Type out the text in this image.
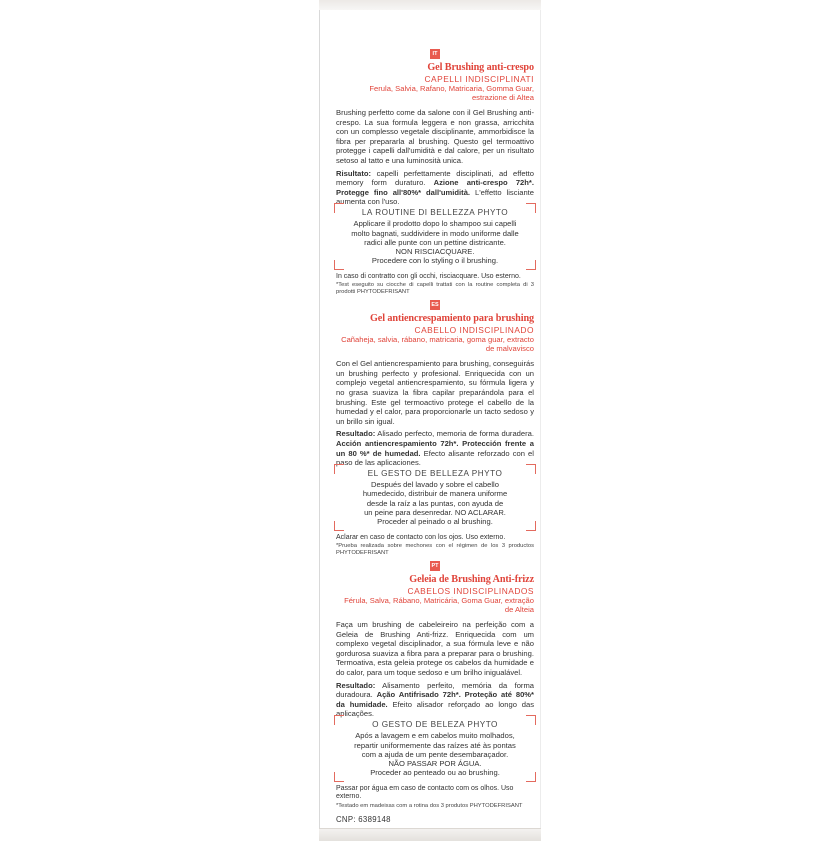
IT
Gel Brushing anti-crespo
CAPELLI INDISCIPLINATI
Ferula, Salvia, Rafano, Matricaria, Gomma Guar, estrazione di Altea
Brushing perfetto come da salone con il Gel Brushing anti-crespo. La sua formula leggera e non grassa, arricchita con un complesso vegetale disciplinante, ammorbidisce la fibra per prepararla al brushing. Questo gel termoattivo protegge i capelli dall'umidità e dal calore, per un risultato setoso al tatto e una luminosità unica.
Risultato: capelli perfettamente disciplinati, ad effetto memory form duraturo. Azione anti-crespo 72h*. Protegge fino all'80%* dall'umidità. L'effetto lisciante aumenta con l'uso.
LA ROUTINE DI BELLEZZA PHYTO
Applicare il prodotto dopo lo shampoo sui capelli
molto bagnati, suddividere in modo uniforme dalle
radici alle punte con un pettine districante.
NON RISCIACQUARE.
Procedere con lo styling o il brushing.
In caso di contratto con gli occhi, risciacquare. Uso esterno.
*Test eseguito su ciocche di capelli trattati con la routine completa di 3 prodotti PHYTODEFRISANT
ES
Gel antiencrespamiento para brushing
CABELLO INDISCIPLINADO
Cañaheja, salvia, rábano, matricaria, goma guar, extracto de malvavisco
Con el Gel antiencrespamiento para brushing, conseguirás un brushing perfecto y profesional. Enriquecida con un complejo vegetal antiencrespamiento, su fórmula ligera y no grasa suaviza la fibra capilar preparándola para el brushing. Este gel termoactivo protege el cabello de la humedad y el calor, para proporcionarle un tacto sedoso y un brillo sin igual.
Resultado: Alisado perfecto, memoria de forma duradera. Acción antiencrespamiento 72h*. Protección frente a un 80 %* de humedad. Efecto alisante reforzado con el paso de las aplicaciones.
EL GESTO DE BELLEZA PHYTO
Después del lavado y sobre el cabello
humedecido, distribuir de manera uniforme
desde la raíz a las puntas, con ayuda de
un peine para desenredar. NO ACLARAR.
Proceder al peinado o al brushing.
Aclarar en caso de contacto con los ojos. Uso externo.
*Prueba realizada sobre mechones con el régimen de los 3 productos PHYTODEFRISANT
PT
Geleia de Brushing Anti-frizz
CABELOS INDISCIPLINADOS
Férula, Salva, Rábano, Matricária, Goma Guar, extração de Alteia
Faça um brushing de cabeleireiro na perfeição com a Geleia de Brushing Anti-frizz. Enriquecida com um complexo vegetal disciplinador, a sua fórmula leve e não gordurosa suaviza a fibra para a preparar para o brushing. Termoativa, esta geleia protege os cabelos da humidade e do calor, para um toque sedoso e um brilho inigualável.
Resultado: Alisamento perfeito, memória da forma duradoura. Ação Antifrisado 72h*. Proteção até 80%* da humidade. Efeito alisador reforçado ao longo das aplicações.
O GESTO DE BELEZA PHYTO
Após a lavagem e em cabelos muito molhados,
repartir uniformemente das raízes até às pontas
com a ajuda de um pente desembaraçador.
NÃO PASSAR POR ÁGUA.
Proceder ao penteado ou ao brushing.
Passar por água em caso de contacto com os olhos. Uso externo.
*Testado em madeixas com a rotina dos 3 produtos PHYTODEFRISANT
CNP: 6389148
